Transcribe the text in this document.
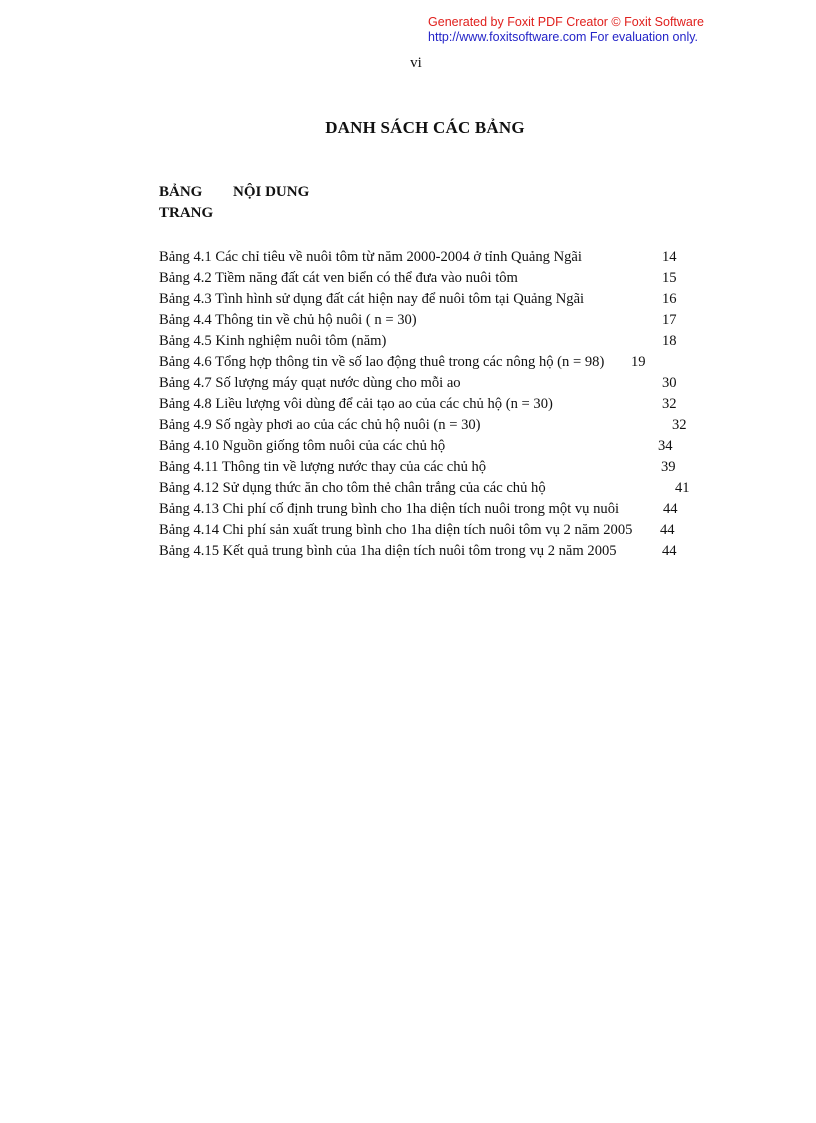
Generated by Foxit PDF Creator © Foxit Software
http://www.foxitsoftware.com For evaluation only.
vi
DANH SÁCH CÁC BẢNG
BẢNG NỘI DUNG
TRANG
Bảng 4.1 Các chỉ tiêu về nuôi tôm từ năm 2000-2004 ở tỉnh Quảng Ngãi	14
Bảng 4.2 Tiềm năng đất cát ven biển có thể đưa vào nuôi tôm	15
Bảng 4.3 Tình hình sử dụng đất cát hiện nay để nuôi tôm tại Quảng Ngãi	16
Bảng 4.4 Thông tin về chủ hộ nuôi ( n = 30)	17
Bảng 4.5 Kinh nghiệm nuôi tôm (năm)	18
Bảng 4.6 Tổng hợp thông tin về số lao động thuê trong các nông hộ (n = 98) 19
Bảng 4.7 Số lượng máy quạt nước dùng cho mỗi ao	30
Bảng 4.8 Liều lượng vôi dùng để cải tạo ao của các chủ hộ (n = 30)	32
Bảng 4.9 Số ngày phơi ao của các chủ hộ nuôi (n = 30)	32
Bảng 4.10 Nguồn giống tôm nuôi của các chủ hộ	34
Bảng 4.11 Thông tin về lượng nước thay của các chủ hộ	39
Bảng 4.12 Sử dụng thức ăn cho tôm thẻ chân trắng của các chủ hộ	41
Bảng 4.13 Chi phí cố định trung bình cho 1ha diện tích nuôi trong một vụ nuôi	44
Bảng 4.14 Chi phí sản xuất trung bình cho 1ha diện tích nuôi tôm vụ 2 năm 2005 44
Bảng 4.15 Kết quả trung bình của 1ha diện tích nuôi tôm trong vụ 2 năm 2005	44
